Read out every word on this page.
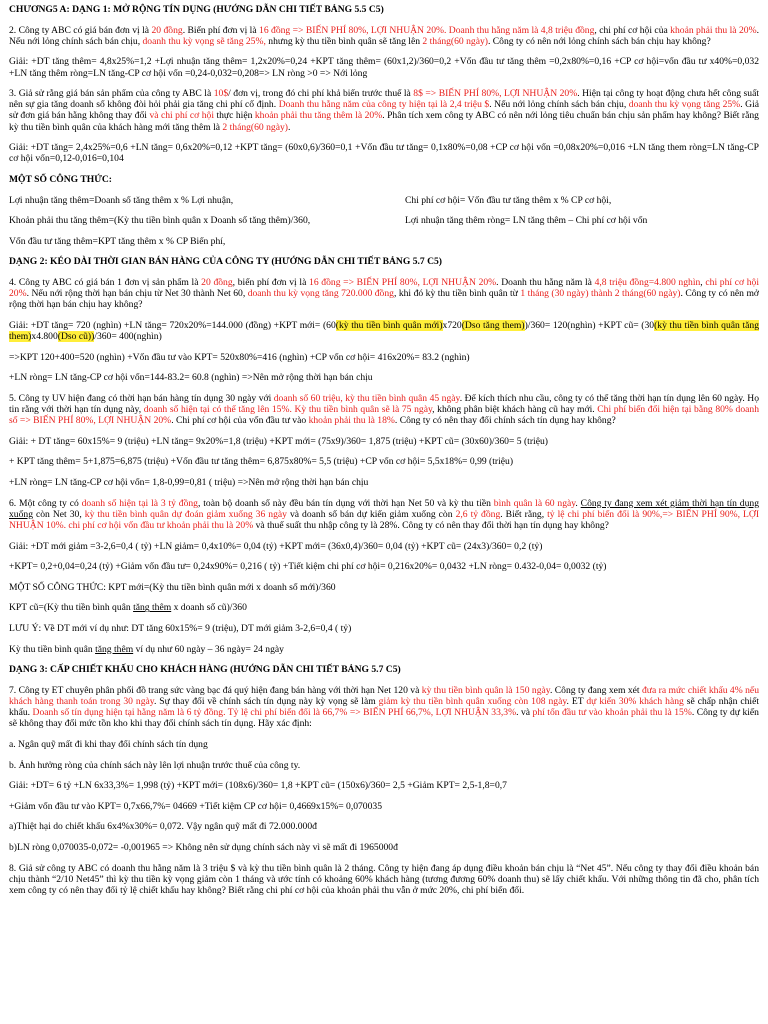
CHƯƠNG5 A: DẠNG 1: MỞ RỘNG TÍN DỤNG (HƯỚNG DẪN CHI TIẾT BẢNG 5.5 C5)

2. Công ty ABC có giá bán đơn vị là 20 đồng. Biến phí đơn vị là 16 đồng => BIẾN PHÍ 80%, LỢI NHUẬN 20%. Doanh thu hằng năm là 4,8 triệu đồng, chi phí cơ hội của khoản phải thu là 20%. Nếu nới lỏng chính sách bán chịu, doanh thu kỳ vọng sẽ tăng 25%, nhưng kỳ thu tiền bình quân sẽ tăng lên 2 tháng(60 ngày). Công ty có nên nới lỏng chính sách bán chịu hay không?

Giải: +DT tăng thêm= 4,8x25%=1,2 +Lợi nhuận tăng thêm= 1,2x20%=0,24 +KPT tăng thêm= (60x1,2)/360=0,2 +Vốn đầu tư tăng thêm =0,2x80%=0,16 +CP cơ hội=vốn đầu tư x40%=0,032 +LN tăng thêm ròng=LN tăng-CP cơ hội vốn =0,24-0,032=0,208=> LN ròng >0 => Nới lỏng

3. Giả sử rằng giá bán sản phẩm của công ty ABC là 10$/ đơn vị, trong đó chi phí khả biến trước thuế là 8$ => BIẾN PHÍ 80%, LỢI NHUẬN 20%. Hiện tại công ty hoạt động chưa hết công suất nên sự gia tăng doanh số không đòi hỏi phải gia tăng chi phí cố định. Doanh thu hằng năm của công ty hiện tại là 2,4 triệu $. Nếu nới lỏng chính sách bán chịu, doanh thu kỳ vọng tăng 25%. Giả sử đơn giá bán hằng không thay đổi và chi phí cơ hội thực hiện khoản phải thu tăng thêm là 20%. Phân tích xem công ty ABC có nên nới lỏng tiêu chuẩn bán chịu sản phẩm hay không? Biết rằng kỳ thu tiền bình quân của khách hàng mới tăng thêm là 2 tháng(60 ngày).

Giải: +DT tăng= 2,4x25%=0,6 +LN tăng= 0,6x20%=0,12 +KPT tăng= (60x0,6)/360=0,1 +Vốn đầu tư tăng= 0,1x80%=0,08 +CP cơ hội vốn =0,08x20%=0,016 +LN tăng them ròng=LN tăng-CP cơ hội vốn=0,12-0,016=0,104

MỘT SỐ CÔNG THỨC:

Lợi nhuận tăng thêm=Doanh số tăng thêm x % Lợi nhuận,	Chi phí cơ hội= Vốn đầu tư tăng thêm x % CP cơ hội,
Khoản phải thu tăng thêm=(Kỳ thu tiền bình quân x Doanh số tăng thêm)/360,	Lợi nhuận tăng thêm ròng= LN tăng thêm – Chi phí cơ hội vốn

Vốn đầu tư tăng thêm=KPT tăng thêm x % CP Biến phí,

DẠNG 2: KÉO DÀI THỜI GIAN BÁN HÀNG CỦA CÔNG TY (HƯỚNG DẪN CHI TIẾT BẢNG 5.7 C5)

4. Công ty ABC có giá bán 1 đơn vị sản phẩm là 20 đồng, biến phí đơn vị là 16 đồng => BIẾN PHÍ 80%, LỢI NHUẬN 20%. Doanh thu hằng năm là 4,8 triệu đồng=4.800 nghìn, chi phí cơ hội 20%. Nếu nới rộng thời hạn bán chịu từ Net 30 thành Net 60, doanh thu kỳ vọng tăng 720.000 đồng, khi đó kỳ thu tiền bình quân từ 1 tháng (30 ngày) thành 2 tháng(60 ngày). Công ty có nên mở rộng thời hạn bán chịu hay không?

Giải: +DT tăng= 720 (nghìn) +LN tăng= 720x20%=144.000 (đồng) +KPT mới= (60(kỳ thu tiền bình quân mới)x720(Dso tăng them))/360= 120(nghìn) +KPT cũ= (30(kỳ thu tiền bình quân tăng them)x4.800(Dso cũ))/360= 400(nghìn)

=>KPT 120+400=520 (nghìn) +Vốn đầu tư vào KPT= 520x80%=416 (nghìn) +CP vốn cơ hội= 416x20%= 83.2 (nghìn)

+LN ròng= LN tăng-CP cơ hội vốn=144-83.2= 60.8 (nghìn) =>Nên mở rộng thời hạn bán chịu

5. Công ty UV hiện đang có thời hạn bán hàng tín dụng 30 ngày với doanh số 60 triệu, kỳ thu tiền bình quân 45 ngày. Để kích thích nhu cầu, công ty có thể tăng thời hạn tín dụng lên 60 ngày. Họ tin rằng với thời hạn tín dụng này, doanh số hiện tại có thể tăng lên 15%. Kỳ thu tiền bình quân sẽ là 75 ngày, không phân biệt khách hàng cũ hay mới. Chi phí biến đổi hiện tại bằng 80% doanh số => BIẾN PHÍ 80%, LỢI NHUẬN 20%. Chi phí cơ hội của vốn đầu tư vào khoản phải thu là 18%. Công ty có nên thay đổi chính sách tín dụng hay không?

Giải: + DT tăng= 60x15%= 9 (triệu) +LN tăng= 9x20%=1,8 (triệu) +KPT mới= (75x9)/360= 1,875 (triệu) +KPT cũ= (30x60)/360= 5 (triệu)

+ KPT tăng thêm= 5+1,875=6,875 (triệu) +Vốn đầu tư tăng thêm= 6,875x80%= 5,5 (triệu) +CP vốn cơ hội= 5,5x18%= 0,99 (triệu)

+LN ròng= LN tăng-CP cơ hội vốn= 1,8-0,99=0,81 ( triệu) =>Nên mở rộng thời hạn bán chịu

6. Một công ty có doanh số hiện tại là 3 tỷ đồng, toàn bộ doanh số này đều bán tín dụng với thời hạn Net 50 và kỳ thu tiền bình quân là 60 ngày. Công ty đang xem xét giảm thời hạn tín dụng xuống còn Net 30, kỳ thu tiền bình quân dự đoán giảm xuống 36 ngày và doanh số bán dự kiến giảm xuống còn 2,6 tỷ đồng. Biết rằng, tỷ lệ chi phí biến đổi là 90%,=> BIẾN PHÍ 90%, LỢI NHUẬN 10%. chi phí cơ hội vốn đầu tư khoản phải thu là 20% và thuế suất thu nhập công ty là 28%. Công ty có nên thay đổi thời hạn tín dụng hay không?

Giải: +DT mới giảm =3-2,6=0,4 ( tỷ) +LN giảm= 0,4x10%= 0,04 (tỷ) +KPT mới= (36x0,4)/360= 0,04 (tỷ) +KPT cũ= (24x3)/360= 0,2 (tỷ)

+KPT= 0,2+0,04=0,24 (tỷ) +Giảm vốn đầu tư= 0,24x90%= 0,216 ( tỷ) +Tiết kiệm chi phí cơ hội= 0,216x20%= 0,0432 +LN ròng= 0.432-0,04= 0,0032 (tỷ)

MỘT SỐ CÔNG THỨC: KPT mới=(Kỳ thu tiền bình quân mới x doanh số mới)/360

KPT cũ=(Kỳ thu tiền bình quân tăng thêm x doanh số cũ)/360

LƯU Ý: Về DT mới ví dụ như: DT tăng 60x15%= 9 (triệu), DT mới giảm 3-2,6=0,4 ( tỷ)

Kỳ thu tiền bình quân tăng thêm ví dụ như 60 ngày – 36 ngày= 24 ngày

DẠNG 3: CẤP CHIẾT KHẤU CHO KHÁCH HÀNG (HƯỚNG DẪN CHI TIẾT BẢNG 5.7 C5)

7. Công ty ET chuyên phân phối đồ trang sức vàng bạc đá quý hiện đang bán hàng với thời hạn Net 120 và kỳ thu tiền bình quân là 150 ngày. Công ty đang xem xét đưa ra mức chiết khấu 4% nếu khách hàng thanh toán trong 30 ngày. Sự thay đổi về chính sách tín dụng này kỳ vọng sẽ làm giảm kỳ thu tiền bình quân xuống còn 108 ngày. ET dự kiến 30% khách hàng sẽ chấp nhận chiết khấu. Doanh số tín dụng hiện tại hằng năm là 6 tỷ đồng. Tỷ lệ chi phí biến đổi là 66,7% => BIẾN PHÍ 66,7%, LỢI NHUẬN 33,3%. và phí tổn đầu tư vào khoản phải thu là 15%. Công ty dự kiến sẽ không thay đổi mức tồn kho khi thay đổi chính sách tín dụng. Hãy xác định:

a. Ngân quỹ mất đi khi thay đổi chính sách tín dụng

b. Ảnh hưởng ròng của chính sách này lên lợi nhuận trước thuế của công ty.

Giải: +DT= 6 tỷ +LN 6x33,3%= 1,998 (tỷ) +KPT mới= (108x6)/360= 1,8 +KPT cũ= (150x6)/360= 2,5 +Giảm KPT= 2,5-1,8=0,7

+Giảm vốn đầu tư vào KPT= 0,7x66,7%= 04669 +Tiết kiệm CP cơ hội= 0,4669x15%= 0,070035

a)Thiệt hại do chiết khấu 6x4%x30%= 0,072. Vậy ngân quỹ mất đi 72.000.000đ

b)LN ròng 0,070035-0,072= -0,001965 => Không nên sử dụng chính sách này vì sẽ mất đi 1965000đ

8. Giả sử công ty ABC có doanh thu hằng năm là 3 triệu $ và kỳ thu tiền bình quân là 2 tháng. Công ty hiện đang áp dụng điều khoản bán chịu là “Net 45”. Nếu công ty thay đổi điều khoản bán chịu thành “2/10 Net45” thì kỳ thu tiền kỳ vọng giảm còn 1 tháng và ước tính có khoảng 60% khách hàng (tương đương 60% doanh thu) sẽ lấy chiết khấu. Với những thông tin đã cho, phân tích xem công ty có nên thay đổi tỷ lệ chiết khấu hay không? Biết rằng chi phí cơ hội của khoản phải thu vẫn ở mức 20%, chi phí biến đổi.
